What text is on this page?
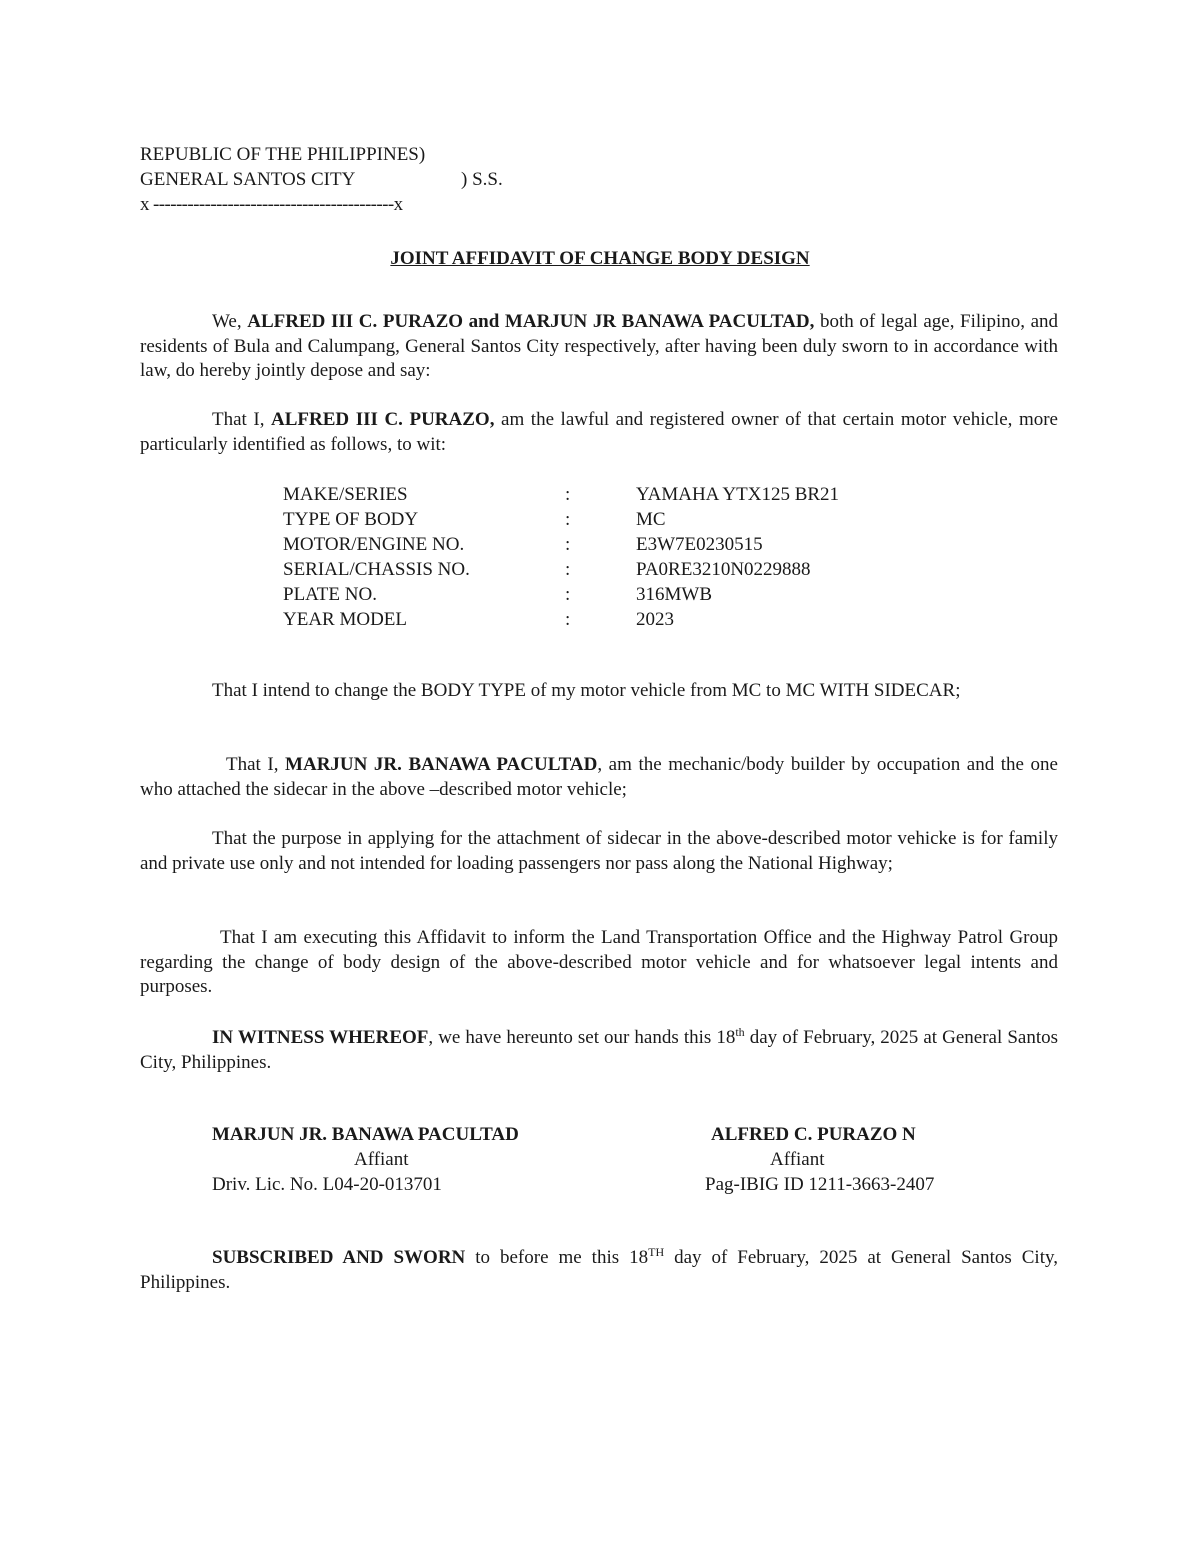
REPUBLIC OF THE PHILIPPINES)
GENERAL SANTOS CITY	) S.S.
x ------------------------------------------x
JOINT AFFIDAVIT OF CHANGE BODY DESIGN
We, ALFRED III C. PURAZO and MARJUN JR BANAWA PACULTAD, both of legal age, Filipino, and residents of Bula and Calumpang, General Santos City respectively, after having been duly sworn to in accordance with law, do hereby jointly depose and say:
That I, ALFRED III C. PURAZO, am the lawful and registered owner of that certain motor vehicle, more particularly identified as follows, to wit:
MAKE/SERIES	:	YAMAHA YTX125 BR21
TYPE OF BODY	:	MC
MOTOR/ENGINE NO.	:	E3W7E0230515
SERIAL/CHASSIS NO.	:	PA0RE3210N0229888
PLATE NO.	:	316MWB
YEAR MODEL	:	2023
That I intend to change the BODY TYPE of my motor vehicle from MC to MC WITH SIDECAR;
That I, MARJUN JR. BANAWA PACULTAD, am the mechanic/body builder by occupation and the one who attached the sidecar in the above –described motor vehicle;
That the purpose in applying for the attachment of sidecar in the above-described motor vehicke is for family and private use only and not intended for loading passengers nor pass along the National Highway;
That I am executing this Affidavit to inform the Land Transportation Office and the Highway Patrol Group regarding the change of body design of the above-described motor vehicle and for whatsoever legal intents and purposes.
IN WITNESS WHEREOF, we have hereunto set our hands this 18th day of February, 2025 at General Santos City, Philippines.
MARJUN JR. BANAWA PACULTAD
Affiant
Driv. Lic. No. L04-20-013701
ALFRED C. PURAZO N
Affiant
Pag-IBIG ID 1211-3663-2407
SUBSCRIBED AND SWORN to before me this 18TH day of February, 2025 at General Santos City, Philippines.
